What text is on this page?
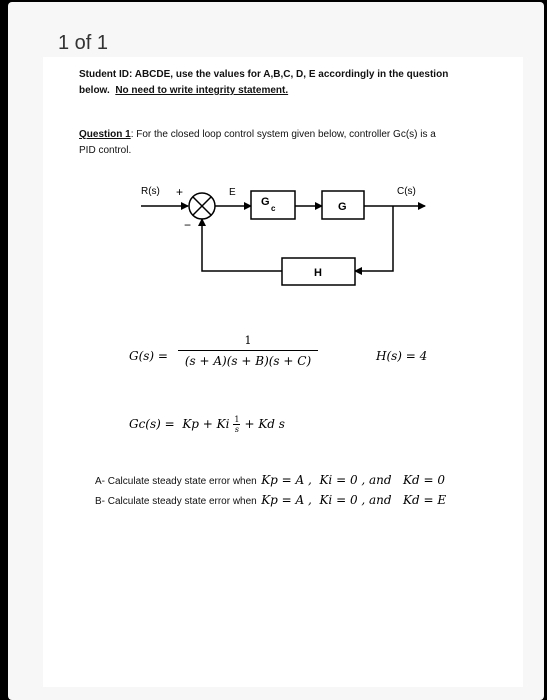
1 of 1
Student ID: ABCDE, use the values for A,B,C, D, E accordingly in the question
below. No need to write integrity statement.
Question 1: For the closed loop control system given below, controller Gc(s) is a
PID control.
R(s) +
−
E
G
c	G
C(s)
H
G(s) =
1
(s + A)(s + B)(s + C)	H(s) = 4
Gc(s) =  Kp + Ki 1
s + Kd s
A- Calculate steady state error when Kp = A ,  Ki = 0 , and   Kd = 0
B- Calculate steady state error when Kp = A ,  Ki = 0 , and   Kd = E
